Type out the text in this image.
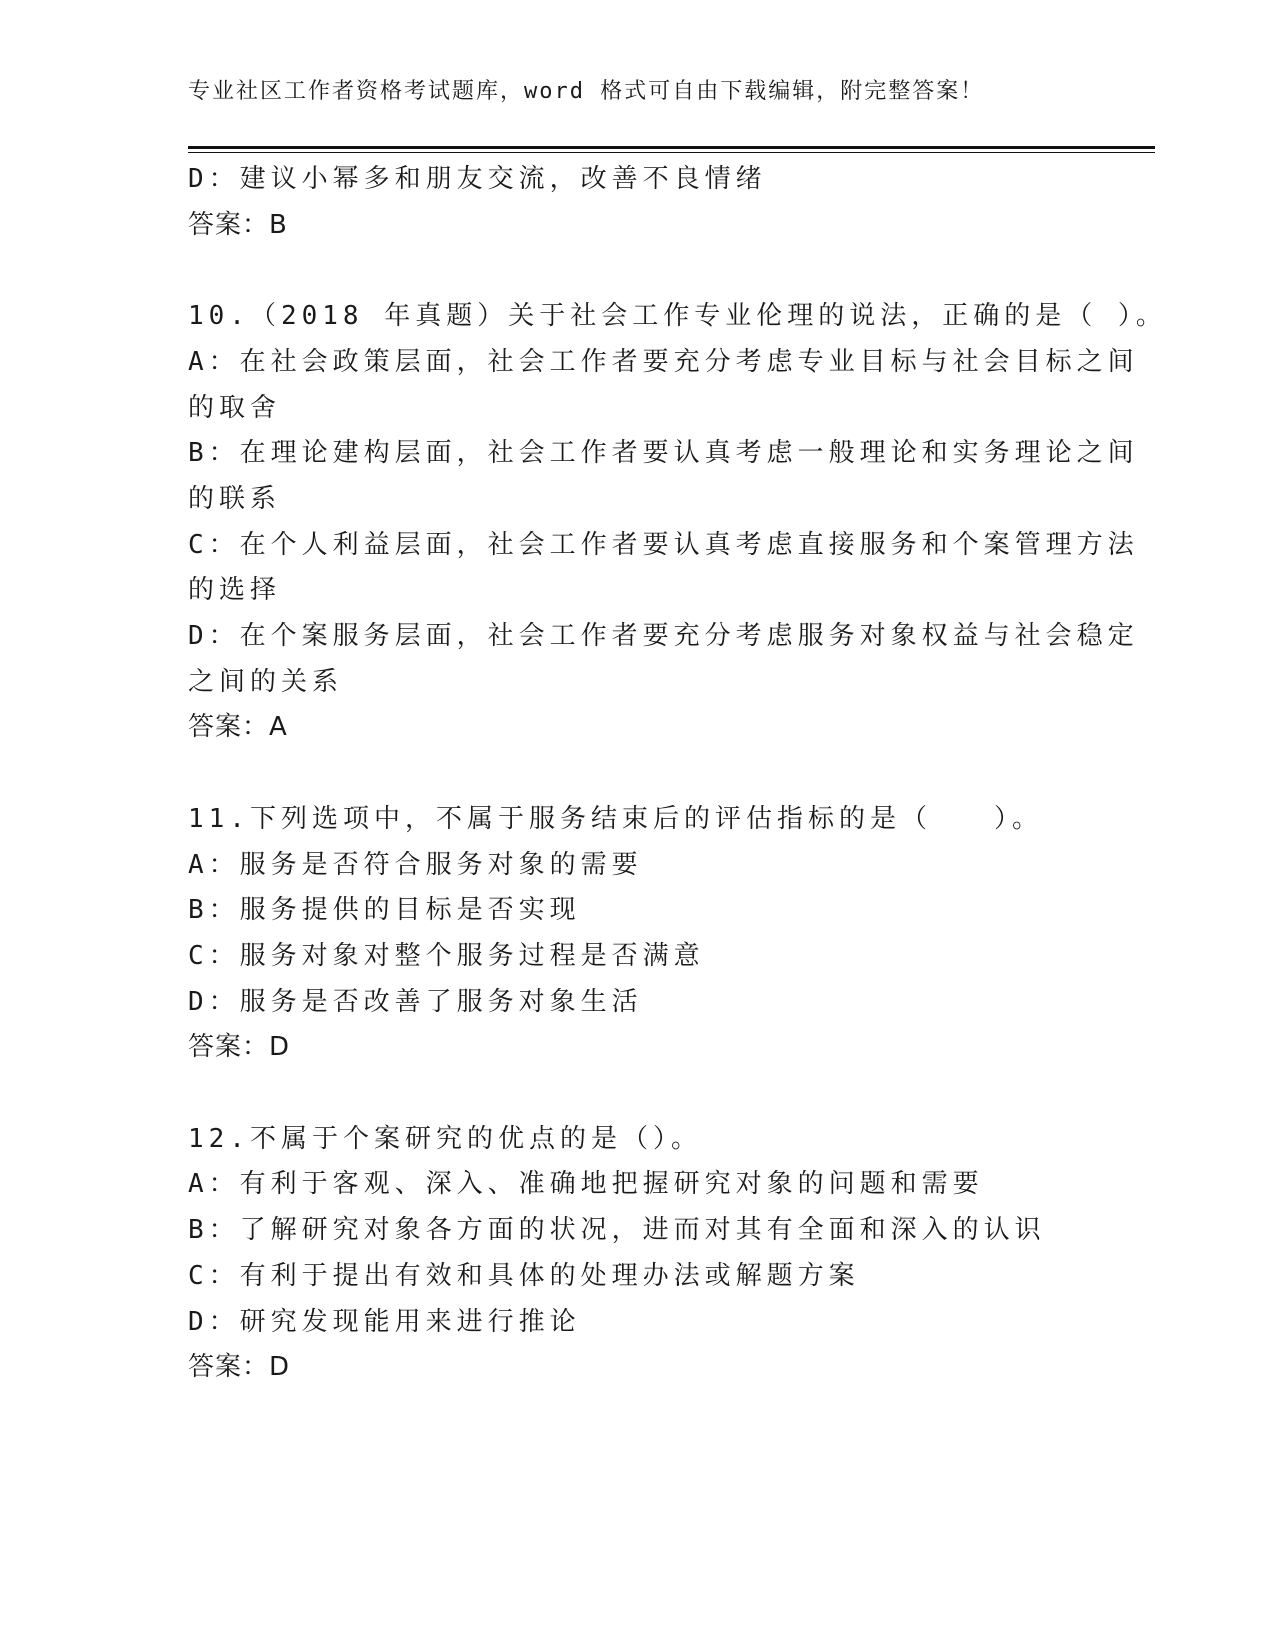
专业社区工作者资格考试题库，word 格式可自由下载编辑，附完整答案！
D：建议小幂多和朋友交流，改善不良情绪
答案：B
10.（2018 年真题）关于社会工作专业伦理的说法，正确的是（ ）。
A：在社会政策层面，社会工作者要充分考虑专业目标与社会目标之间
的取舍
B：在理论建构层面，社会工作者要认真考虑一般理论和实务理论之间
的联系
C：在个人利益层面，社会工作者要认真考虑直接服务和个案管理方法
的选择
D：在个案服务层面，社会工作者要充分考虑服务对象权益与社会稳定
之间的关系
答案：A
11.下列选项中，不属于服务结束后的评估指标的是（　　）。
A：服务是否符合服务对象的需要
B：服务提供的目标是否实现
C：服务对象对整个服务过程是否满意
D：服务是否改善了服务对象生活
答案：D
12.不属于个案研究的优点的是（）。
A：有利于客观、深入、准确地把握研究对象的问题和需要
B：了解研究对象各方面的状况，进而对其有全面和深入的认识
C：有利于提出有效和具体的处理办法或解题方案
D：研究发现能用来进行推论
答案：D
